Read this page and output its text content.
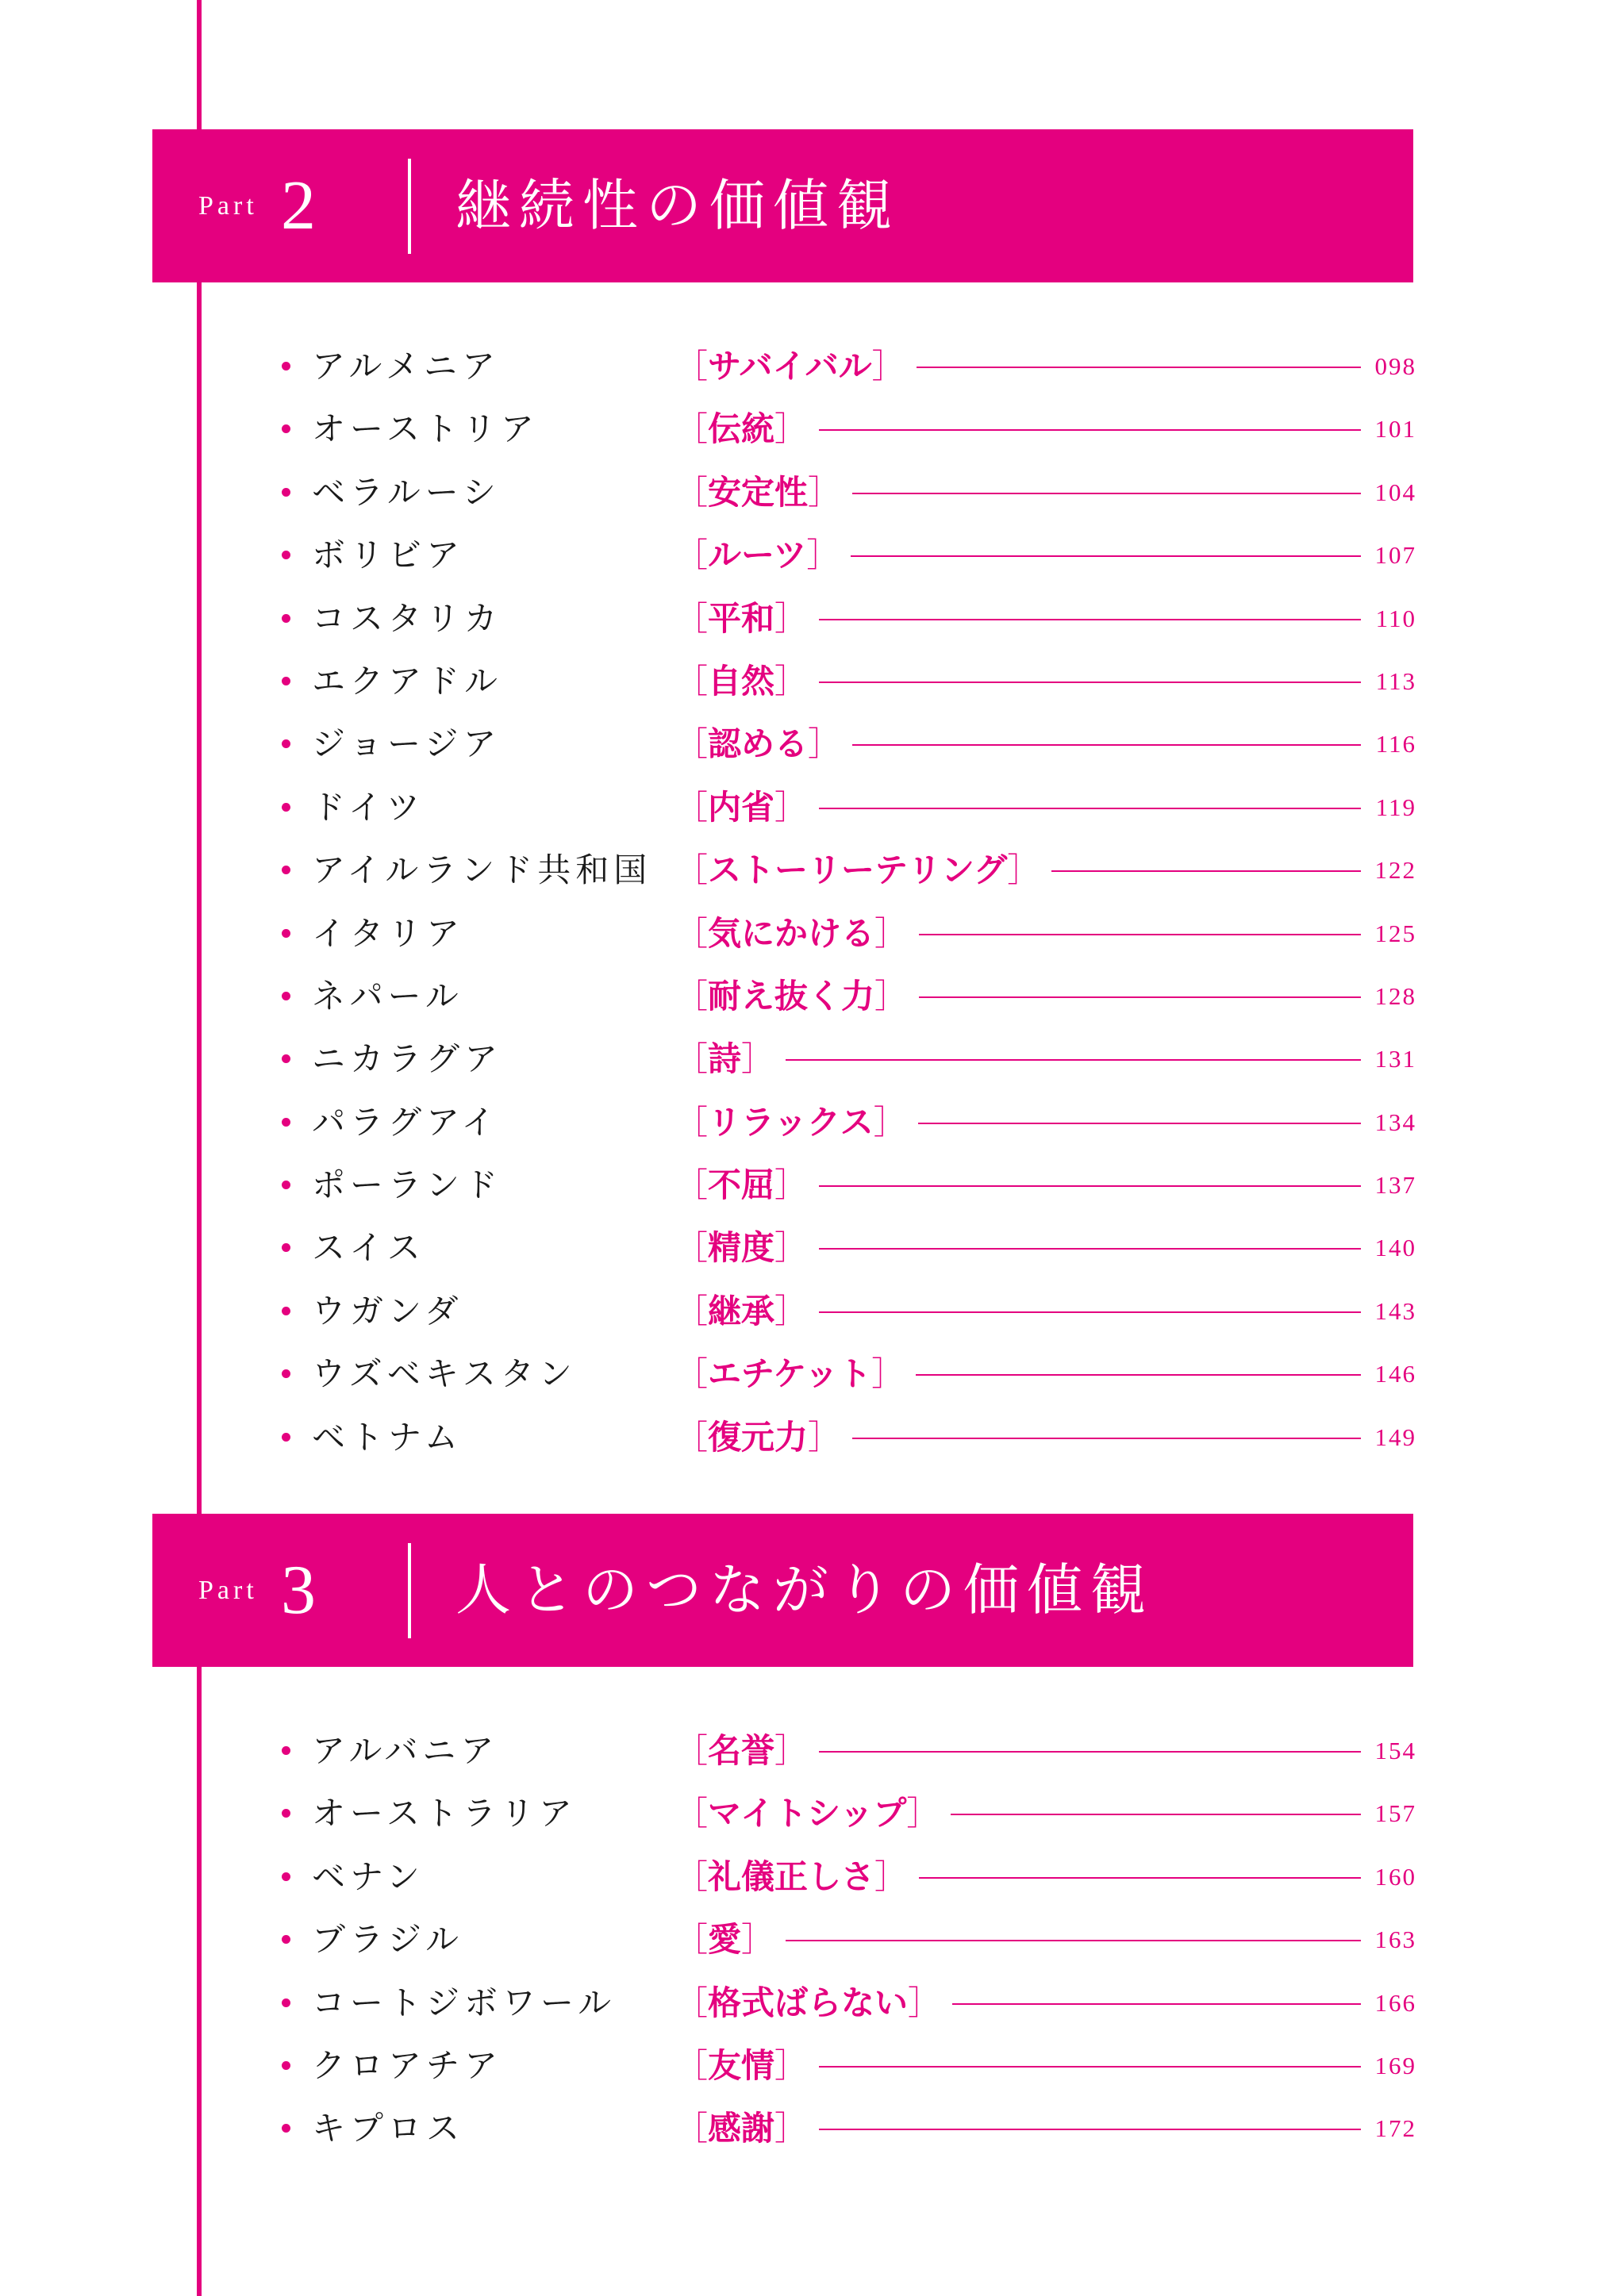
Part 2	継続性の価値観
アルメニア	［サバイバル］	098
オーストリア	［伝統］	101
ベラルーシ	［安定性］	104
ボリビア	［ルーツ］	107
コスタリカ	［平和］	110
エクアドル	［自然］	113
ジョージア	［認める］	116
ドイツ	［内省］	119
アイルランド共和国 ［ストーリーテリング］	122
イタリア	［気にかける］	125
ネパール	［耐え抜く力］	128
ニカラグア	［詩］	131
パラグアイ	［リラックス］	134
ポーランド	［不屈］	137
スイス	［精度］	140
ウガンダ	［継承］	143
ウズベキスタン	［エチケット］	146
ベトナム	［復元力］	149
Part 3	人とのつながりの価値観
アルバニア	［名誉］	154
オーストラリア	［マイトシップ］	157
ベナン	［礼儀正しさ］	160
ブラジル	［愛］	163
コートジボワール ［格式ばらない］	166
クロアチア	［友情］	169
キプロス	［感謝］	172
